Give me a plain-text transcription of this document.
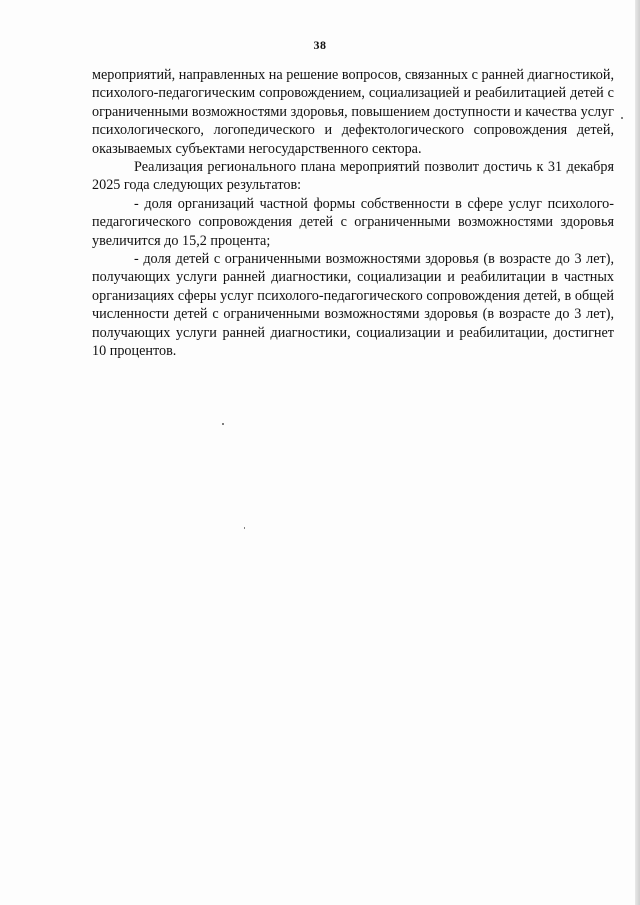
38

мероприятий, направленных на решение вопросов, связанных с ранней диагностикой, психолого-педагогическим сопровождением, социализацией и реабилитацией детей с ограниченными возможностями здоровья, повышением доступности и качества услуг психологического, логопедического и дефектологического сопровождения детей, оказываемых субъектами негосударственного сектора.

Реализация регионального плана мероприятий позволит достичь к 31 декабря 2025 года следующих результатов:

- доля организаций частной формы собственности в сфере услуг психолого-педагогического сопровождения детей с ограниченными возможностями здоровья увеличится до 15,2 процента;

- доля детей с ограниченными возможностями здоровья (в возрасте до 3 лет), получающих услуги ранней диагностики, социализации и реабилитации в частных организациях сферы услуг психолого-педагогического сопровождения детей, в общей численности детей с ограниченными возможностями здоровья (в возрасте до 3 лет), получающих услуги ранней диагностики, социализации и реабилитации, достигнет 10 процентов.
